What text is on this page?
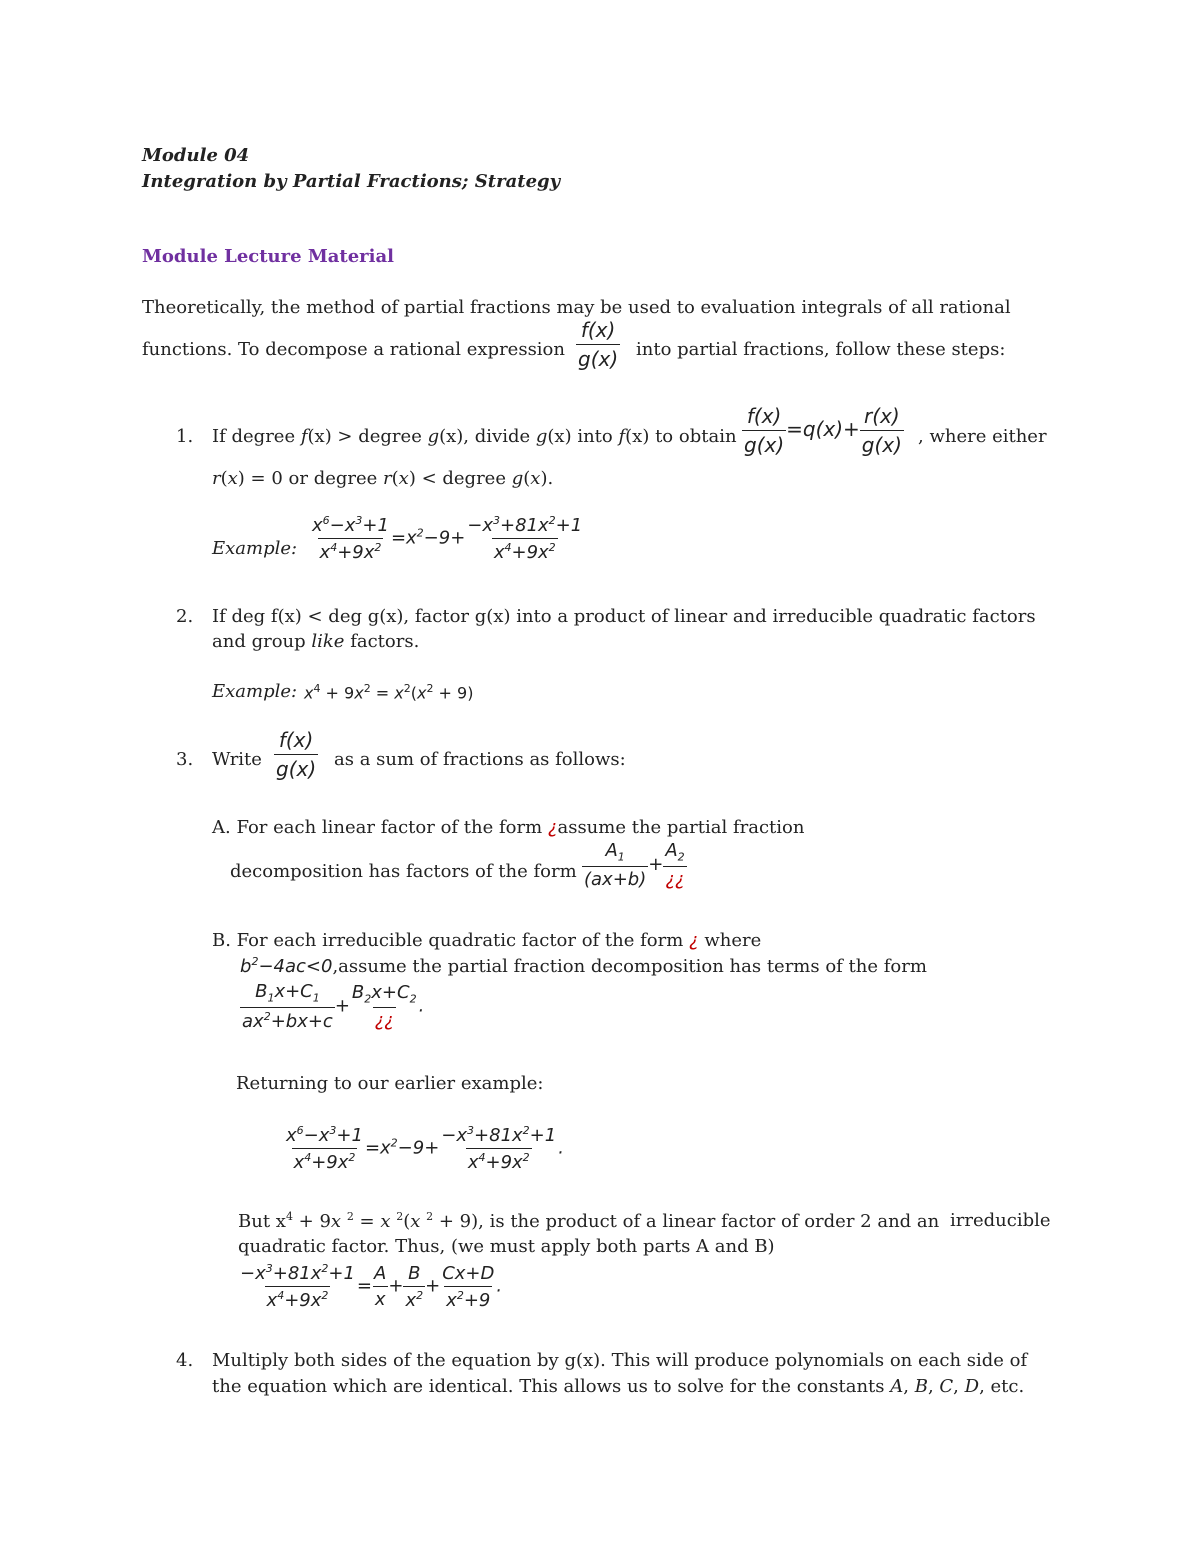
Module 04
Integration by Partial Fractions; Strategy
Module Lecture Material
Theoretically, the method of partial fractions may be used to evaluation integrals of all rational
functions. To decompose a rational expression $\frac{f(x)}{g(x)}$ into partial fractions, follow these steps:
1. If degree f(x) > degree g(x), divide g(x) into f(x) to obtain $\frac{f(x)}{g(x)} =q(x)+ \frac{r(x)}{g(x)}$ , where either
r(x) = 0 or degree r(x) < degree g(x).
Example: $\frac{x^6-x^3+1}{x^4+9x^2} =x^2-9+ \frac{-x^3+81x^2+1}{x^4+9x^2}$
2. If deg f(x) < deg g(x), factor g(x) into a product of linear and irreducible quadratic factors
and group like factors.
Example: $x^4 + 9x^2 = x^2(x^2 + 9)$
3. Write $\frac{f(x)}{g(x)}$ as a sum of fractions as follows:
A. For each linear factor of the form ¿assume the partial fraction
decomposition has factors of the form $\frac{A_1}{(ax+b)} + \frac{A_2}{¿¿}$
B. For each irreducible quadratic factor of the form ¿ where
$b^2-4ac<0,assume$ the partial fraction decomposition has terms of the form
$\frac{B_1x+C_1}{ax^2+bx+c} + \frac{B_2x+C_2}{¿¿}$ .
Returning to our earlier example:
$\frac{x^6-x^3+1}{x^4+9x^2} =x^2-9+ \frac{-x^3+81x^2+1}{x^4+9x^2}$ .
But $x^4 + 9x$ $^2$ = x $^2$(x $^2$ + 9), is the product of a linear factor of order 2 and an irreducible
quadratic factor. Thus, (we must apply both parts A and B)
$\frac{-x^3+81x^2+1}{x^4+9x^2} = \frac{A}{x} + \frac{B}{x^2} + \frac{Cx+D}{x^2+9}$ .
4. Multiply both sides of the equation by g(x). This will produce polynomials on each side of
the equation which are identical. This allows us to solve for the constants A, B, C, D, etc.
